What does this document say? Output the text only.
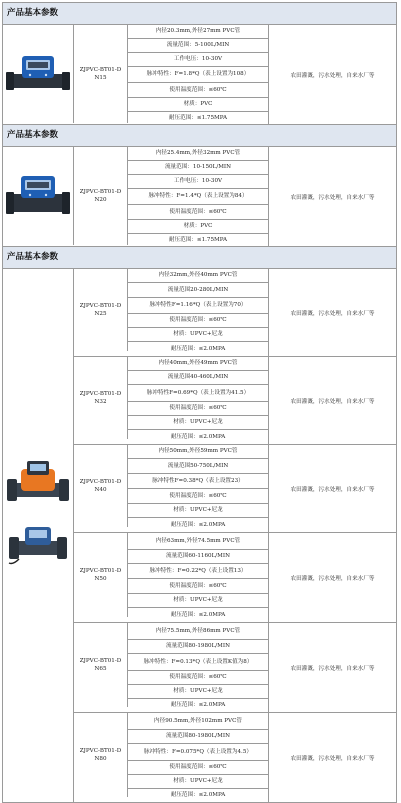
产品基本参数
ZJPVC-BT01-DN15
内径20.3mm,外径27mm PVC管
流量范围：5-100L/MIN
工作电压：10-30V
脉冲特性：F=1.8*Q（表上设置为108）
使用温度范围：≤60℃
材质：PVC
耐压范围：≤1.75MPA
农田灌溉，污水处理，自来水厂等
产品基本参数
ZJPVC-BT01-DN20
内径25.4mm,外径32mm PVC管
流量范围：10-150L/MIN
工作电压：10-30V
脉冲特性：F=1.4*Q（表上设置为84）
使用温度范围：≤60℃
材质：PVC
耐压范围：≤1.75MPA
农田灌溉，污水处理，自来水厂等
产品基本参数
ZJPVC-BT01-DN25
内径32mm,外径40mm PVC管
流量范围20-280L/MIN
脉冲特性F=1.16*Q（表上设置为70）
使用温度范围：≤60℃
材质：UPVC+尼龙
耐压范围：≤2.0MPA
农田灌溉，污水处理，自来水厂等
ZJPVC-BT01-DN32
内径40mm,外径49mm PVC管
流量范围40-460L/MIN
脉冲特性F=0.69*Q（表上设置为41.5）
使用温度范围：≤60℃
材质：UPVC+尼龙
耐压范围：≤2.0MPA
农田灌溉，污水处理，自来水厂等
ZJPVC-BT01-DN40
内径50mm,外径59mm PVC管
流量范围50-750L/MIN
脉冲特性F=0.38*Q（表上设置23）
使用温度范围：≤60℃
材质：UPVC+尼龙
耐压范围：≤2.0MPA
农田灌溉，污水处理，自来水厂等
ZJPVC-BT01-DN50
内径63mm,外径74.5mm PVC管
流量范围60-1160L/MIN
脉冲特性：F=0.22*Q（表上设置13）
使用温度范围：≤60℃
材质：UPVC+尼龙
耐压范围：≤2.0MPA
农田灌溉，污水处理，自来水厂等
ZJPVC-BT01-DN65
内径75.5mm,外径86mm PVC管
流量范围80-1980L/MIN
脉冲特性：F=0.13*Q（表上设置K值为8）
使用温度范围：≤60℃
材质：UPVC+尼龙
耐压范围：≤2.0MPA
农田灌溉，污水处理，自来水厂等
ZJPVC-BT01-DN80
内径90.5mm,外径102mm PVC管
流量范围80-1980L/MIN
脉冲特性：F=0.075*Q（表上设置为4.5）
使用温度范围：≤60℃
材质：UPVC+尼龙
耐压范围：≤2.0MPA
农田灌溉，污水处理，自来水厂等
